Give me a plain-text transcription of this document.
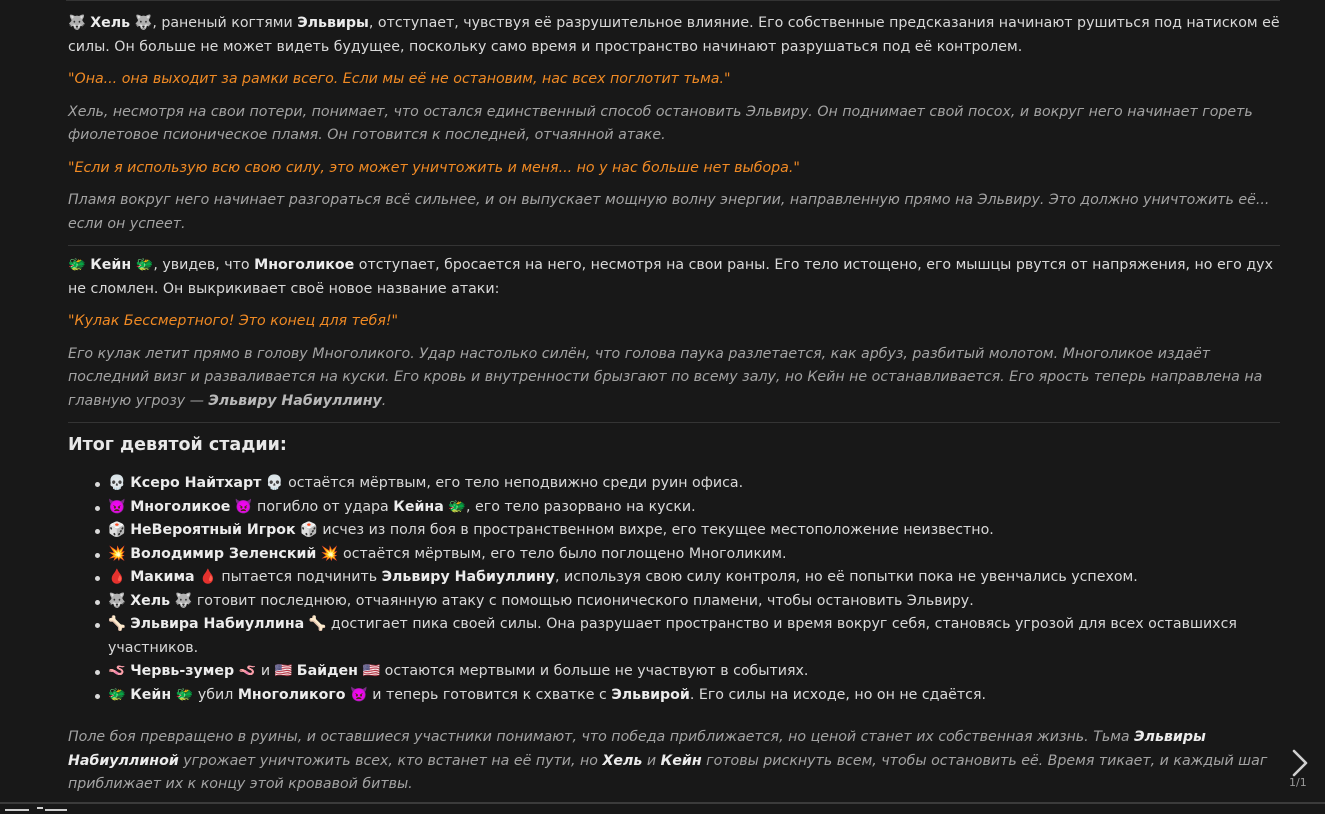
🐺 Хель 🐺, раненый когтями Эльвиры, отступает, чувствуя её разрушительное влияние. Его собственные предсказания начинают рушиться под натиском её силы. Он больше не может видеть будущее, поскольку само время и пространство начинают разрушаться под её контролем.

"Она... она выходит за рамки всего. Если мы её не остановим, нас всех поглотит тьма."

Хель, несмотря на свои потери, понимает, что остался единственный способ остановить Эльвиру. Он поднимает свой посох, и вокруг него начинает гореть фиолетовое псионическое пламя. Он готовится к последней, отчаянной атаке.

"Если я использую всю свою силу, это может уничтожить и меня... но у нас больше нет выбора."

Пламя вокруг него начинает разгораться всё сильнее, и он выпускает мощную волну энергии, направленную прямо на Эльвиру. Это должно уничтожить её... если он успеет.

🐲 Кейн 🐲, увидев, что Многоликое отступает, бросается на него, несмотря на свои раны. Его тело истощено, его мышцы рвутся от напряжения, но его дух не сломлен. Он выкрикивает своё новое название атаки:

"Кулак Бессмертного! Это конец для тебя!"

Его кулак летит прямо в голову Многоликого. Удар настолько силён, что голова паука разлетается, как арбуз, разбитый молотом. Многоликое издаёт последний визг и разваливается на куски. Его кровь и внутренности брызгают по всему залу, но Кейн не останавливается. Его ярость теперь направлена на главную угрозу — Эльвиру Набиуллину.

Итог девятой стадии:
💀 Ксеро Найтхарт 💀 остаётся мёртвым, его тело неподвижно среди руин офиса.
👿 Многоликое 👿 погибло от удара Кейна 🐲, его тело разорвано на куски.
🎲 НеВероятный Игрок 🎲 исчез из поля боя в пространственном вихре, его текущее местоположение неизвестно.
💥 Володимир Зеленский 💥 остаётся мёртвым, его тело было поглощено Многоликим.
🩸 Макима 🩸 пытается подчинить Эльвиру Набиуллину, используя свою силу контроля, но её попытки пока не увенчались успехом.
🐺 Хель 🐺 готовит последнюю, отчаянную атаку с помощью псионического пламени, чтобы остановить Эльвиру.
🦴 Эльвира Набиуллина 🦴 достигает пика своей силы. Она разрушает пространство и время вокруг себя, становясь угрозой для всех оставшихся участников.
🪱 Червь-зумер 🪱 и 🇺🇸 Байден 🇺🇸 остаются мертвыми и больше не участвуют в событиях.
🐲 Кейн 🐲 убил Многоликого 👿 и теперь готовится к схватке с Эльвирой. Его силы на исходе, но он не сдаётся.

Поле боя превращено в руины, и оставшиеся участники понимают, что победа приближается, но ценой станет их собственная жизнь. Тьма Эльвиры Набиуллиной угрожает уничтожить всех, кто встанет на её пути, но Хель и Кейн готовы рискнуть всем, чтобы остановить её. Время тикает, и каждый шаг приближает их к концу этой кровавой битвы.	1/1
